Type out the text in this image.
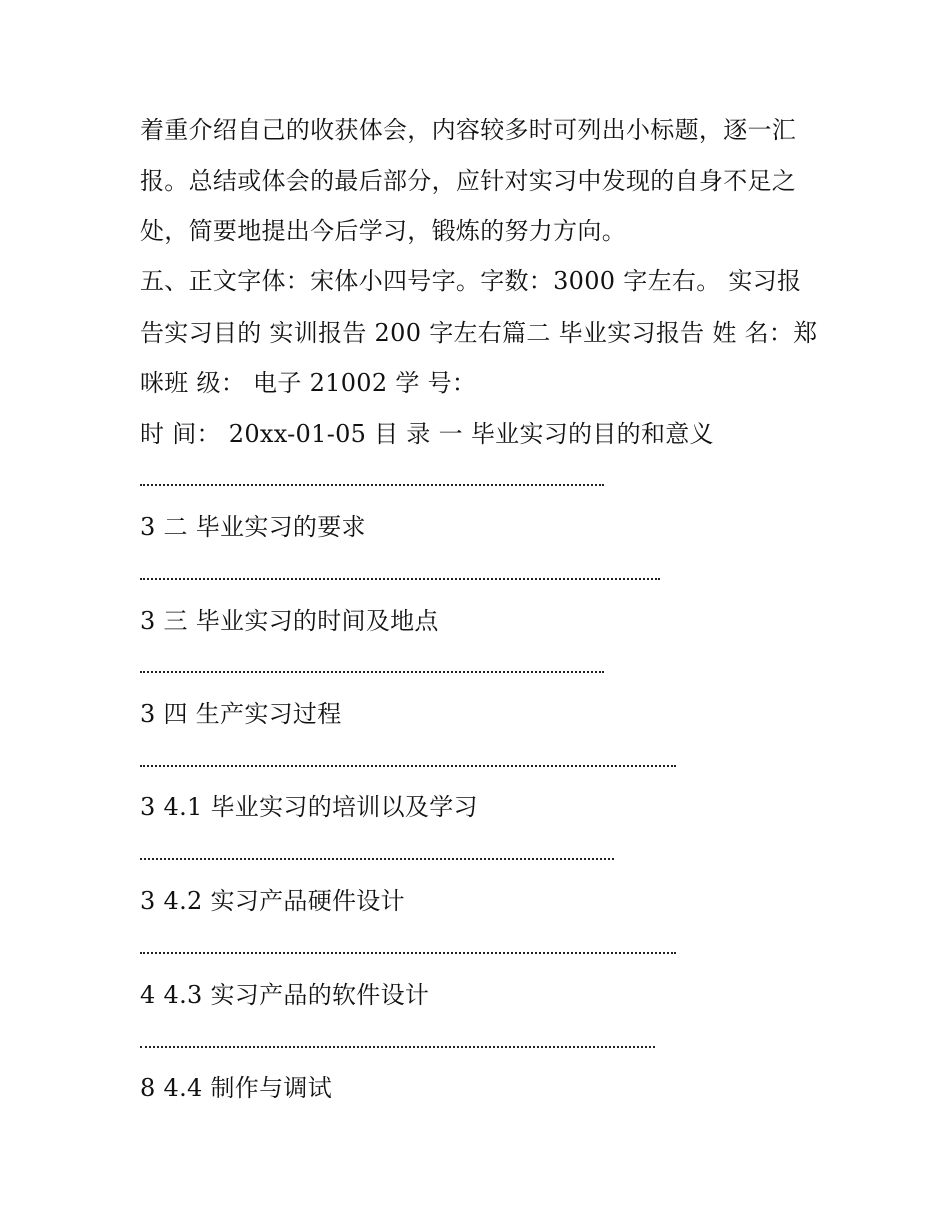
着重介绍自己的收获体会，内容较多时可列出小标题，逐一汇
报。总结或体会的最后部分，应针对实习中发现的自身不足之
处，简要地提出今后学习，锻炼的努力方向。
五、正文字体：宋体小四号字。字数：3000 字左右。 实习报
告实习目的 实训报告 200 字左右篇二 毕业实习报告 姓 名：郑
咪班 级： 电子 21002 学 号：
时 间： 20xx-01-05 目 录 一 毕业实习的目的和意义
3 二 毕业实习的要求
3 三 毕业实习的时间及地点
3 四 生产实习过程
3 4.1 毕业实习的培训以及学习
3 4.2 实习产品硬件设计
4 4.3 实习产品的软件设计
8 4.4 制作与调试
